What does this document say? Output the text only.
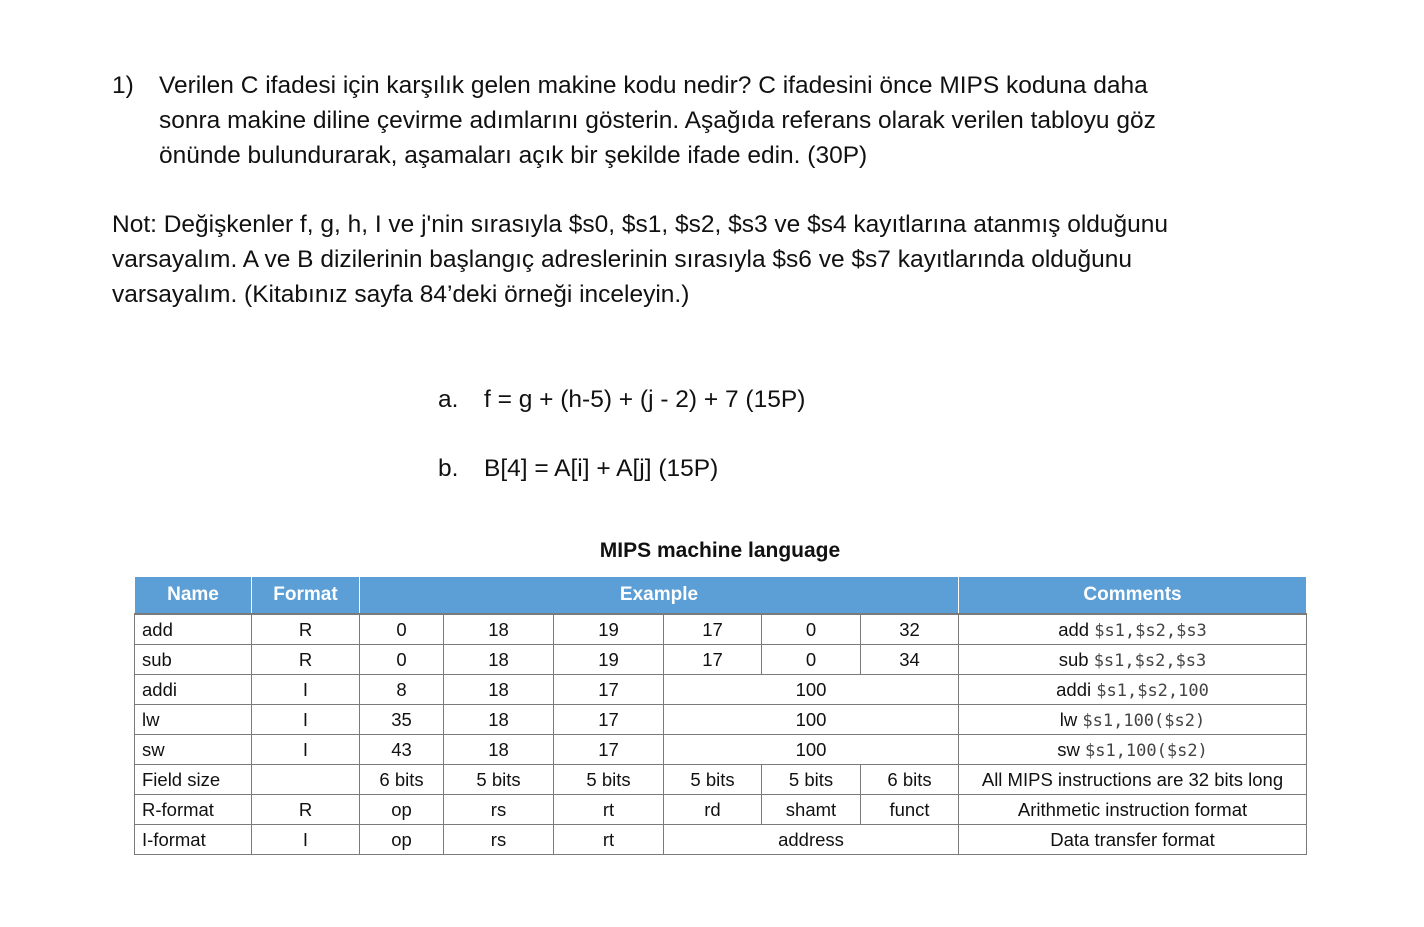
1) Verilen C ifadesi için karşılık gelen makine kodu nedir? C ifadesini önce MIPS koduna daha
sonra makine diline çevirme adımlarını gösterin. Aşağıda referans olarak verilen tabloyu göz
önünde bulundurarak, aşamaları açık bir şekilde ifade edin. (30P)
Not: Değişkenler f, g, h, I ve j'nin sırasıyla $s0, $s1, $s2, $s3 ve $s4 kayıtlarına atanmış olduğunu
varsayalım. A ve B dizilerinin başlangıç adreslerinin sırasıyla $s6 ve $s7 kayıtlarında olduğunu
varsayalım. (Kitabınız sayfa 84’deki örneği inceleyin.)
a. f = g + (h-5) + (j - 2) + 7 (15P)
b. B[4] = A[i] + A[j] (15P)
MIPS machine language
Name	Format	Example						Comments
add	R	0	18	19	17	0	32	add $s1,$s2,$s3
sub	R	0	18	19	17	0	34	sub $s1,$s2,$s3
addi	I	8	18	17	100			addi $s1,$s2,100
lw	I	35	18	17	100			lw $s1,100($s2)
sw	I	43	18	17	100			sw $s1,100($s2)
Field size		6 bits	5 bits	5 bits	5 bits	5 bits	6 bits	All MIPS instructions are 32 bits long
R-format	R	op	rs	rt	rd	shamt	funct	Arithmetic instruction format
I-format	I	op	rs	rt	address			Data transfer format
